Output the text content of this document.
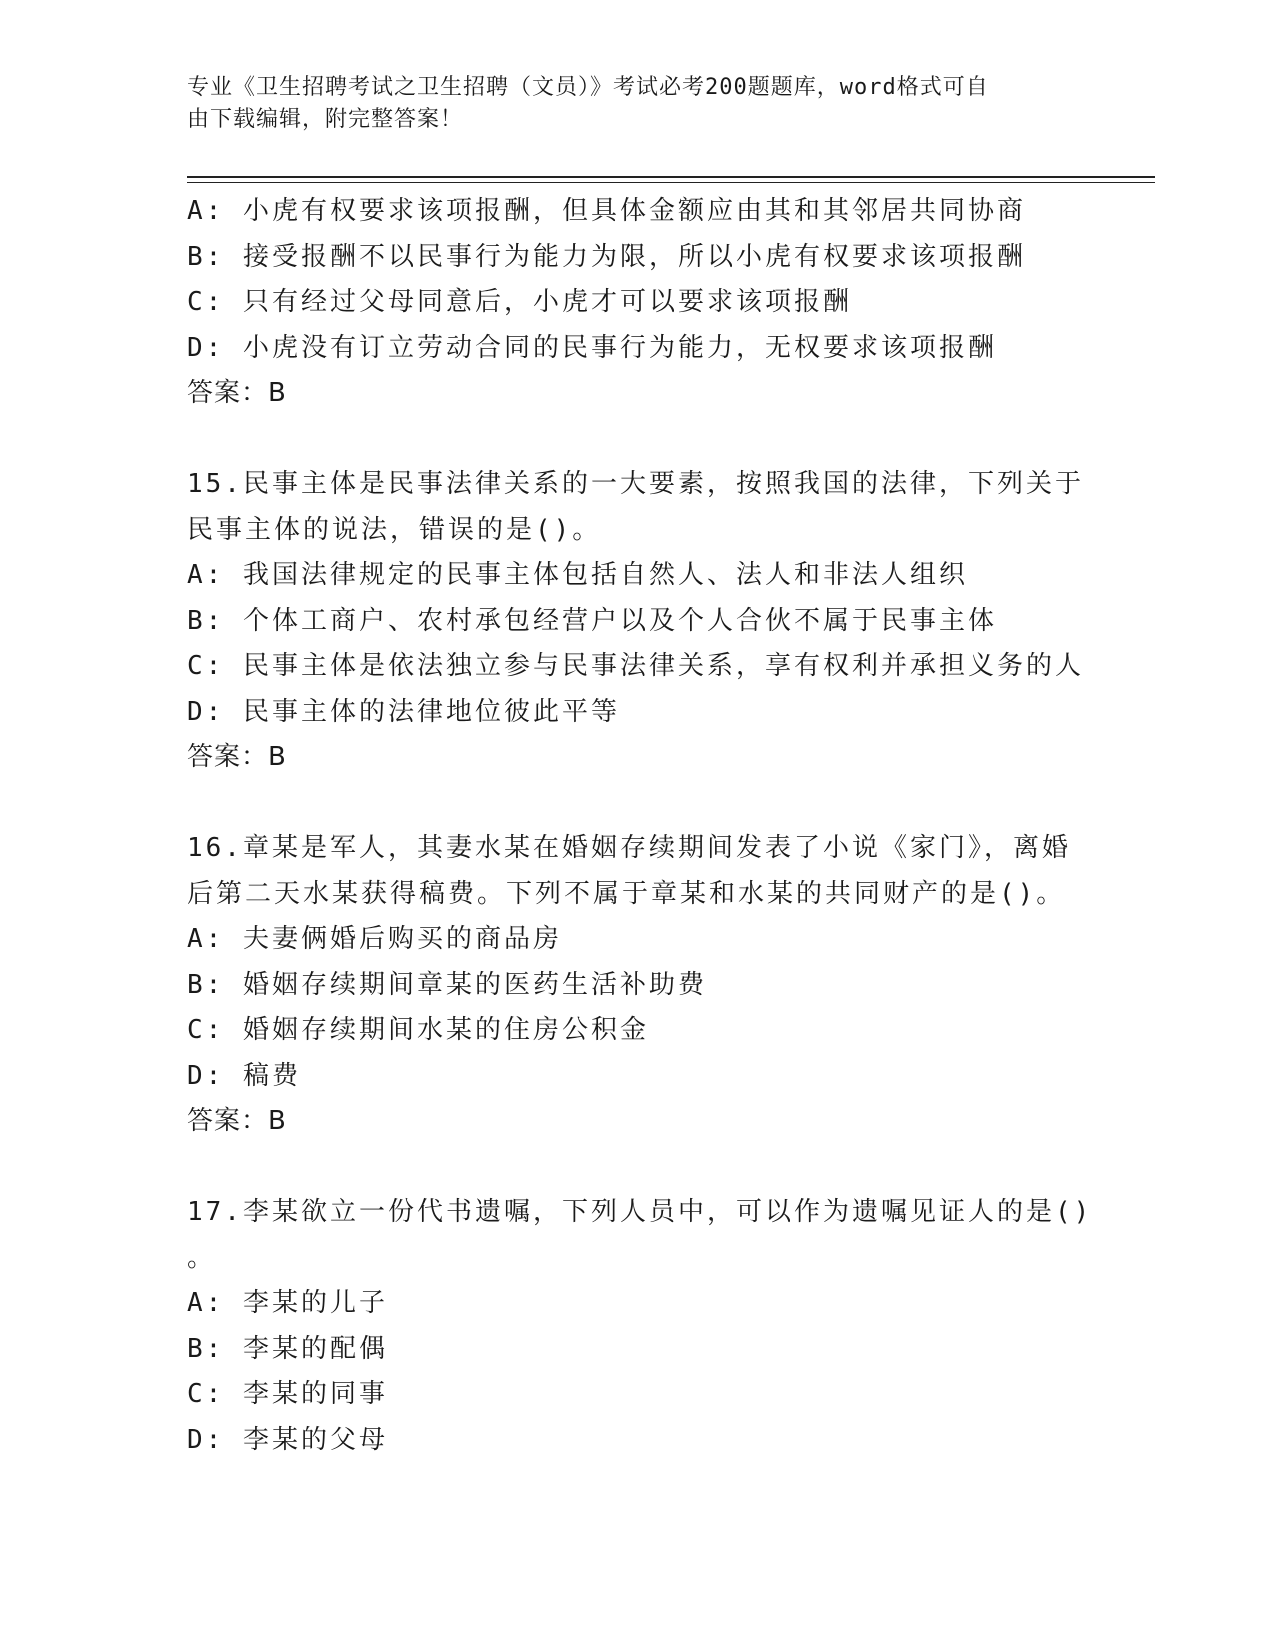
专业《卫生招聘考试之卫生招聘（文员）》考试必考200题题库，word格式可自
由下载编辑，附完整答案！
A: 小虎有权要求该项报酬，但具体金额应由其和其邻居共同协商
B: 接受报酬不以民事行为能力为限，所以小虎有权要求该项报酬
C: 只有经过父母同意后，小虎才可以要求该项报酬
D: 小虎没有订立劳动合同的民事行为能力，无权要求该项报酬
答案：B
15.民事主体是民事法律关系的一大要素，按照我国的法律，下列关于
民事主体的说法，错误的是()。
A: 我国法律规定的民事主体包括自然人、法人和非法人组织
B: 个体工商户、农村承包经营户以及个人合伙不属于民事主体
C: 民事主体是依法独立参与民事法律关系，享有权利并承担义务的人
D: 民事主体的法律地位彼此平等
答案：B
16.章某是军人，其妻水某在婚姻存续期间发表了小说《家门》，离婚
后第二天水某获得稿费。下列不属于章某和水某的共同财产的是()。
A: 夫妻俩婚后购买的商品房
B: 婚姻存续期间章某的医药生活补助费
C: 婚姻存续期间水某的住房公积金
D: 稿费
答案：B
17.李某欲立一份代书遗嘱，下列人员中，可以作为遗嘱见证人的是()
。
A: 李某的儿子
B: 李某的配偶
C: 李某的同事
D: 李某的父母
